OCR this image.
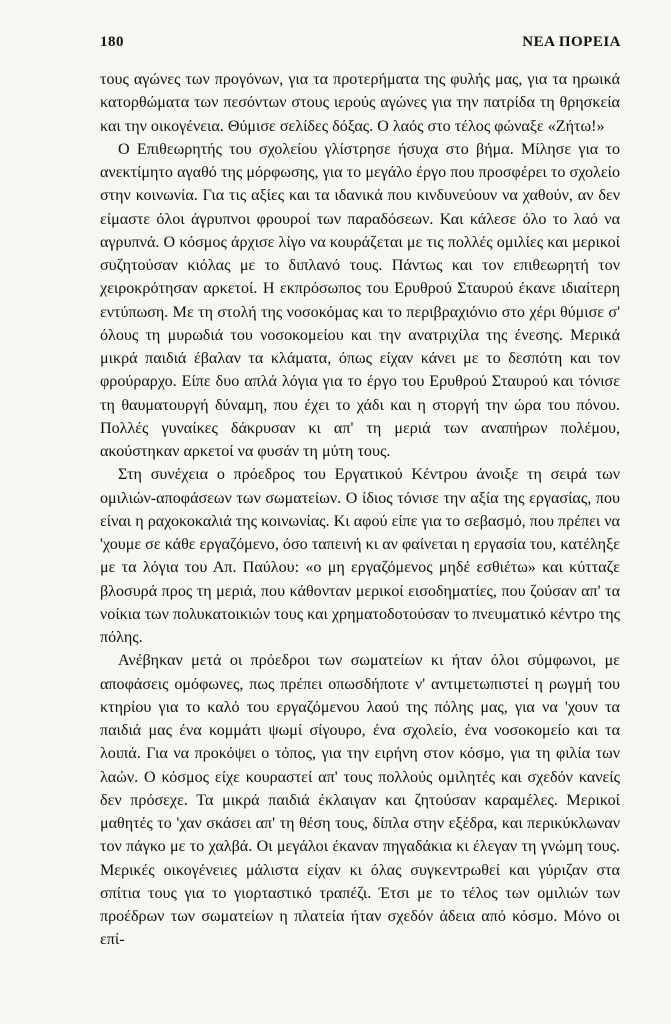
180	ΝΕΑ ΠΟΡΕΙΑ

τους αγώνες των προγόνων, για τα προτερήματα της φυλής μας, για τα ηρωικά κατορθώματα των πεσόντων στους ιερούς αγώνες για την πατρίδα τη θρησκεία και την οικογένεια. Θύμισε σελίδες δόξας. Ο λαός στο τέλος φώναξε «Ζήτω!»

Ο Επιθεωρητής του σχολείου γλίστρησε ήσυχα στο βήμα. Μίλησε για το ανεκτίμητο αγαθό της μόρφωσης, για το μεγάλο έργο που προσφέρει το σχολείο στην κοινωνία. Για τις αξίες και τα ιδανικά που κινδυνεύουν να χαθούν, αν δεν είμαστε όλοι άγρυπνοι φρουροί των παραδόσεων. Και κάλεσε όλο το λαό να αγρυπνά. Ο κόσμος άρχισε λίγο να κουράζεται με τις πολλές ομιλίες και μερικοί συζητούσαν κιόλας με το διπλανό τους. Πάντως και τον επιθεωρητή τον χειροκρότησαν αρκετοί. Η εκπρόσωπος του Ερυθρού Σταυρού έκανε ιδιαίτερη εντύπωση. Με τη στολή της νοσοκόμας και το περιβραχιόνιο στο χέρι θύμισε σ' όλους τη μυρωδιά του νοσοκομείου και την ανατριχίλα της ένεσης. Μερικά μικρά παιδιά έβαλαν τα κλάματα, όπως είχαν κάνει με το δεσπότη και τον φρούραρχο. Είπε δυο απλά λόγια για το έργο του Ερυθρού Σταυρού και τόνισε τη θαυματουργή δύναμη, που έχει το χάδι και η στοργή την ώρα του πόνου. Πολλές γυναίκες δάκρυσαν κι απ' τη μεριά των αναπήρων πολέμου, ακούστηκαν αρκετοί να φυσάν τη μύτη τους.

Στη συνέχεια ο πρόεδρος του Εργατικού Κέντρου άνοιξε τη σειρά των ομιλιών-αποφάσεων των σωματείων. Ο ίδιος τόνισε την αξία της εργασίας, που είναι η ραχοκοκαλιά της κοινωνίας. Κι αφού είπε για το σεβασμό, που πρέπει να 'χουμε σε κάθε εργαζόμενο, όσο ταπεινή κι αν φαίνεται η εργασία του, κατέληξε με τα λόγια του Απ. Παύλου: «ο μη εργαζόμενος μηδέ εσθιέτω» και κύτταζε βλοσυρά προς τη μεριά, που κάθονταν μερικοί εισοδηματίες, που ζούσαν απ' τα νοίκια των πολυκατοικιών τους και χρηματοδοτούσαν το πνευματικό κέντρο της πόλης.

Ανέβηκαν μετά οι πρόεδροι των σωματείων κι ήταν όλοι σύμφωνοι, με αποφάσεις ομόφωνες, πως πρέπει οπωσδήποτε ν' αντιμετωπιστεί η ρωγμή του κτηρίου για το καλό του εργαζόμενου λαού της πόλης μας, για να 'χουν τα παιδιά μας ένα κομμάτι ψωμί σίγουρο, ένα σχολείο, ένα νοσοκομείο και τα λοιπά. Για να προκόψει ο τόπος, για την ειρήνη στον κόσμο, για τη φιλία των λαών. Ο κόσμος είχε κουραστεί απ' τους πολλούς ομιλητές και σχεδόν κανείς δεν πρόσεχε. Τα μικρά παιδιά έκλαιγαν και ζητούσαν καραμέλες. Μερικοί μαθητές το 'χαν σκάσει απ' τη θέση τους, δίπλα στην εξέδρα, και περικύκλωναν τον πάγκο με το χαλβά. Οι μεγάλοι έκαναν πηγαδάκια κι έλεγαν τη γνώμη τους. Μερικές οικογένειες μάλιστα είχαν κι όλας συγκεντρωθεί και γύριζαν στα σπίτια τους για το γιορταστικό τραπέζι. Έτσι με το τέλος των ομιλιών των προέδρων των σωματείων η πλατεία ήταν σχεδόν άδεια από κόσμο. Μόνο οι επί-
